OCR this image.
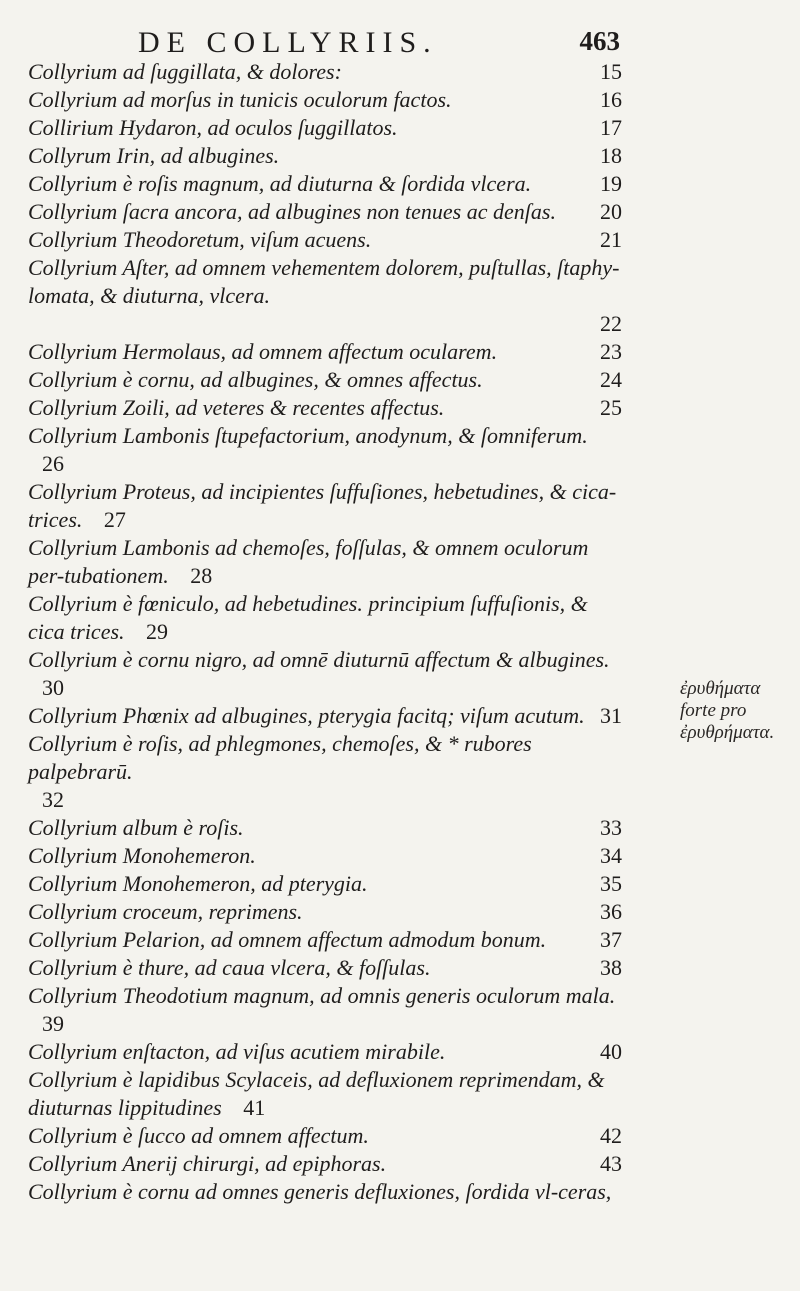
DE COLLYRIIS.	463
Collyrium ad ſuggillata, & dolores:	15
Collyrium ad morſus in tunicis oculorum factos.	16
Collirium Hydaron, ad oculos ſuggillatos.	17
Collyrum Irin, ad albugines.	18
Collyrium è roſis magnum, ad diuturna & ſordida vlcera.	19
Collyrium ſacra ancora, ad albugines non tenues ac denſas. 20
Collyrium Theodoretum, viſum acuens.	21
Collyrium Aſter, ad omnem vehementem dolorem, puſtullas, ſtaphy-lomata, & diuturna, vlcera.
22
Collyrium Hermolaus, ad omnem affectum ocularem.	23
Collyrium è cornu, ad albugines, & omnes affectus.	24
Collyrium Zoili, ad veteres & recentes affectus.	25
Collyrium Lambonis ſtupefactorium, anodynum, & ſomniferum.
26
Collyrium Proteus, ad incipientes ſuffuſiones, hebetudines, & cica-trices. 27
Collyrium Lambonis ad chemoſes, foſſulas, & omnem oculorum per-tubationem. 28
Collyrium è fœniculo, ad hebetudines. principium ſuffuſionis, & cica trices. 29
Collyrium è cornu nigro, ad omnē diuturnū affectum & albugines.
30
Collyrium Phœnix ad albugines, pterygia facitq; viſum acutum. 31
Collyrium è roſis, ad phlegmones, chemoſes, & * rubores palpebrarū.
32
Collyrium album è roſis.	33
Collyrium Monohemeron.	34
Collyrium Monohemeron, ad pterygia.	35
Collyrium croceum, reprimens.	36
Collyrium Pelarion, ad omnem affectum admodum bonum. 37
Collyrium è thure, ad caua vlcera, & foſſulas.	38
Collyrium Theodotium magnum, ad omnis generis oculorum mala.
39
Collyrium enſtacton, ad viſus acutiem mirabile.	40
Collyrium è lapidibus Scylaceis, ad defluxionem reprimendam, & diuturnas lippitudines 41
Collyrium è ſucco ad omnem affectum.	42
Collyrium Anerij chirurgi, ad epiphoras.	43
Collyrium è cornu ad omnes generis defluxiones, ſordida vl-ceras,
ἐρυθήματα forte pro ἐρυθρήματα.
